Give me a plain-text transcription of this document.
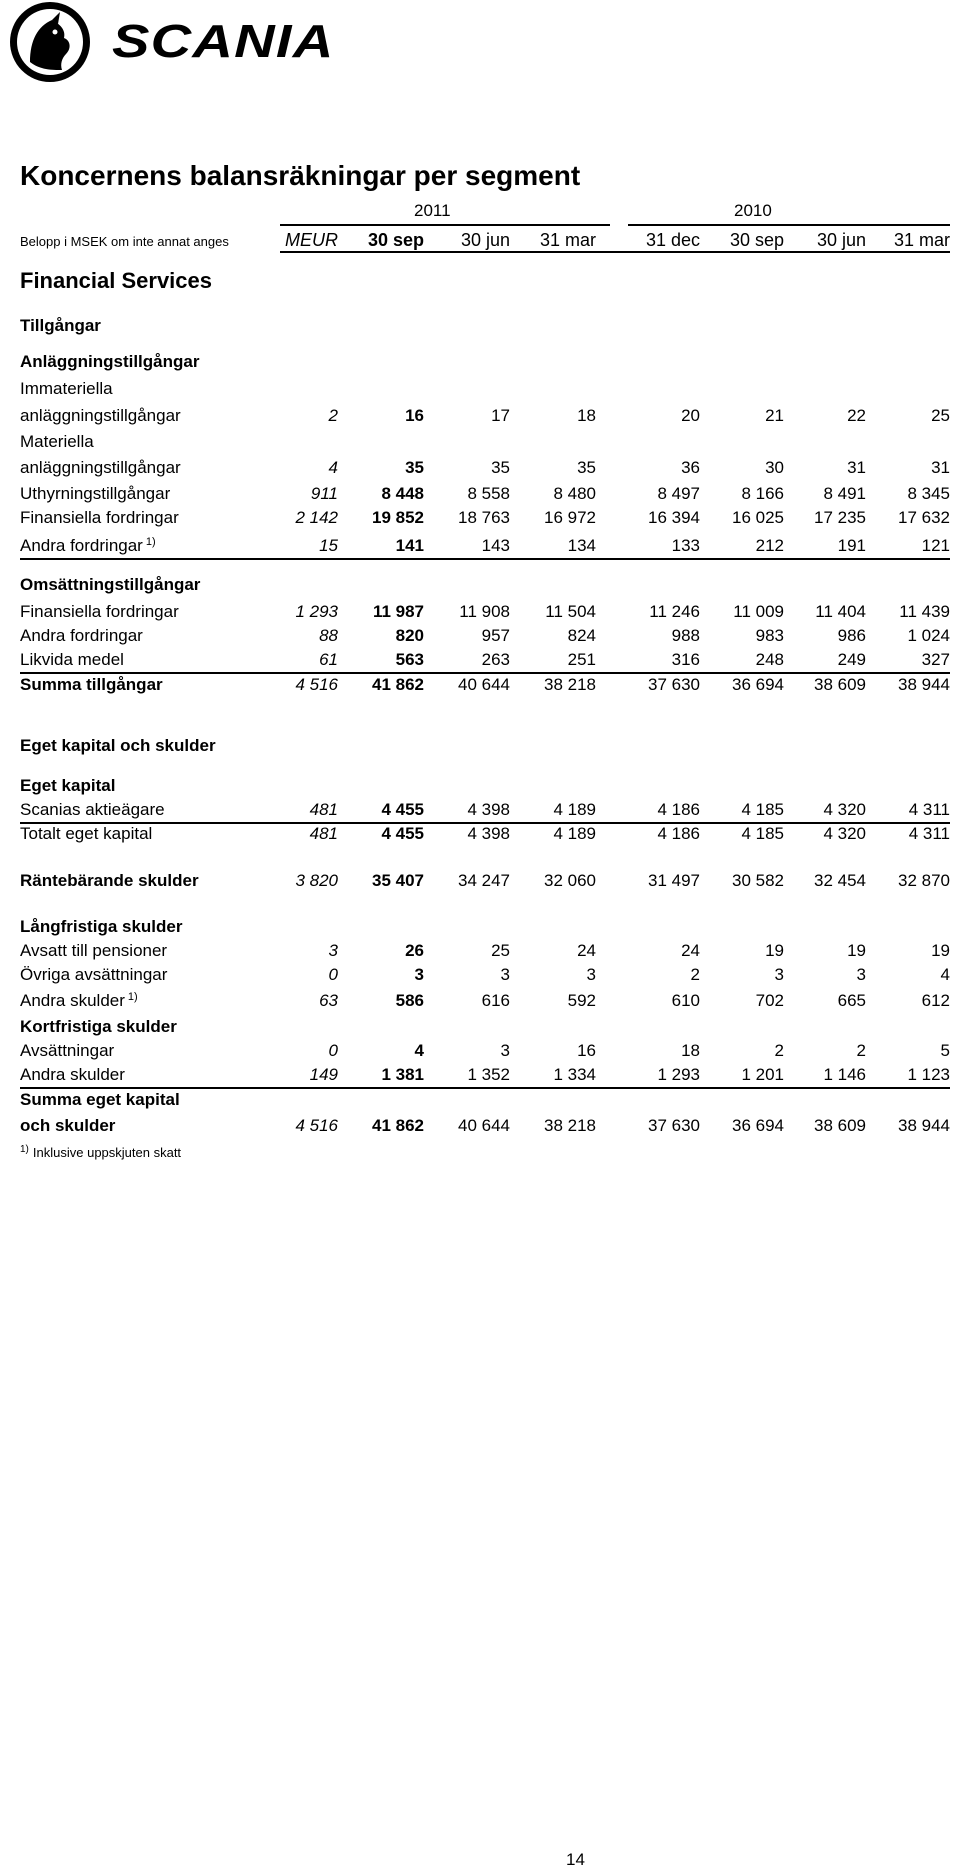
SCANIA
Koncernens balansräkningar per segment
2011	2010
Belopp i MSEK om inte annat anges	MEUR	30 sep	30 jun	31 mar	31 dec	30 sep	30 jun	31 mar
Financial Services
Tillgångar
Anläggningstillgångar
Immateriella
anläggningstillgångar	2	16	17	18	20	21	22	25
Materiella
anläggningstillgångar	4	35	35	35	36	30	31	31
Uthyrningstillgångar	911	8 448	8 558	8 480	8 497	8 166	8 491	8 345
Finansiella fordringar	2 142	19 852	18 763	16 972	16 394	16 025	17 235	17 632
Andra fordringar $^{1)}$	15	141	143	134	133	212	191	121
Omsättningstillgångar
Finansiella fordringar	1 293	11 987	11 908	11 504	11 246	11 009	11 404	11 439
Andra fordringar	88	820	957	824	988	983	986	1 024
Likvida medel	61	563	263	251	316	248	249	327
Summa tillgångar	4 516	41 862	40 644	38 218	37 630	36 694	38 609	38 944
Eget kapital och skulder
Eget kapital
Scanias aktieägare	481	4 455	4 398	4 189	4 186	4 185	4 320	4 311
Totalt eget kapital	481	4 455	4 398	4 189	4 186	4 185	4 320	4 311
Räntebärande skulder	3 820	35 407	34 247	32 060	31 497	30 582	32 454	32 870
Långfristiga skulder
Avsatt till pensioner	3	26	25	24	24	19	19	19
Övriga avsättningar	0	3	3	3	2	3	3	4
Andra skulder $^{1)}$	63	586	616	592	610	702	665	612
Kortfristiga skulder
Avsättningar	0	4	3	16	18	2	2	5
Andra skulder	149	1 381	1 352	1 334	1 293	1 201	1 146	1 123
Summa eget kapital
och skulder	4 516	41 862	40 644	38 218	37 630	36 694	38 609	38 944
$^{1)}$ Inklusive uppskjuten skatt
14
